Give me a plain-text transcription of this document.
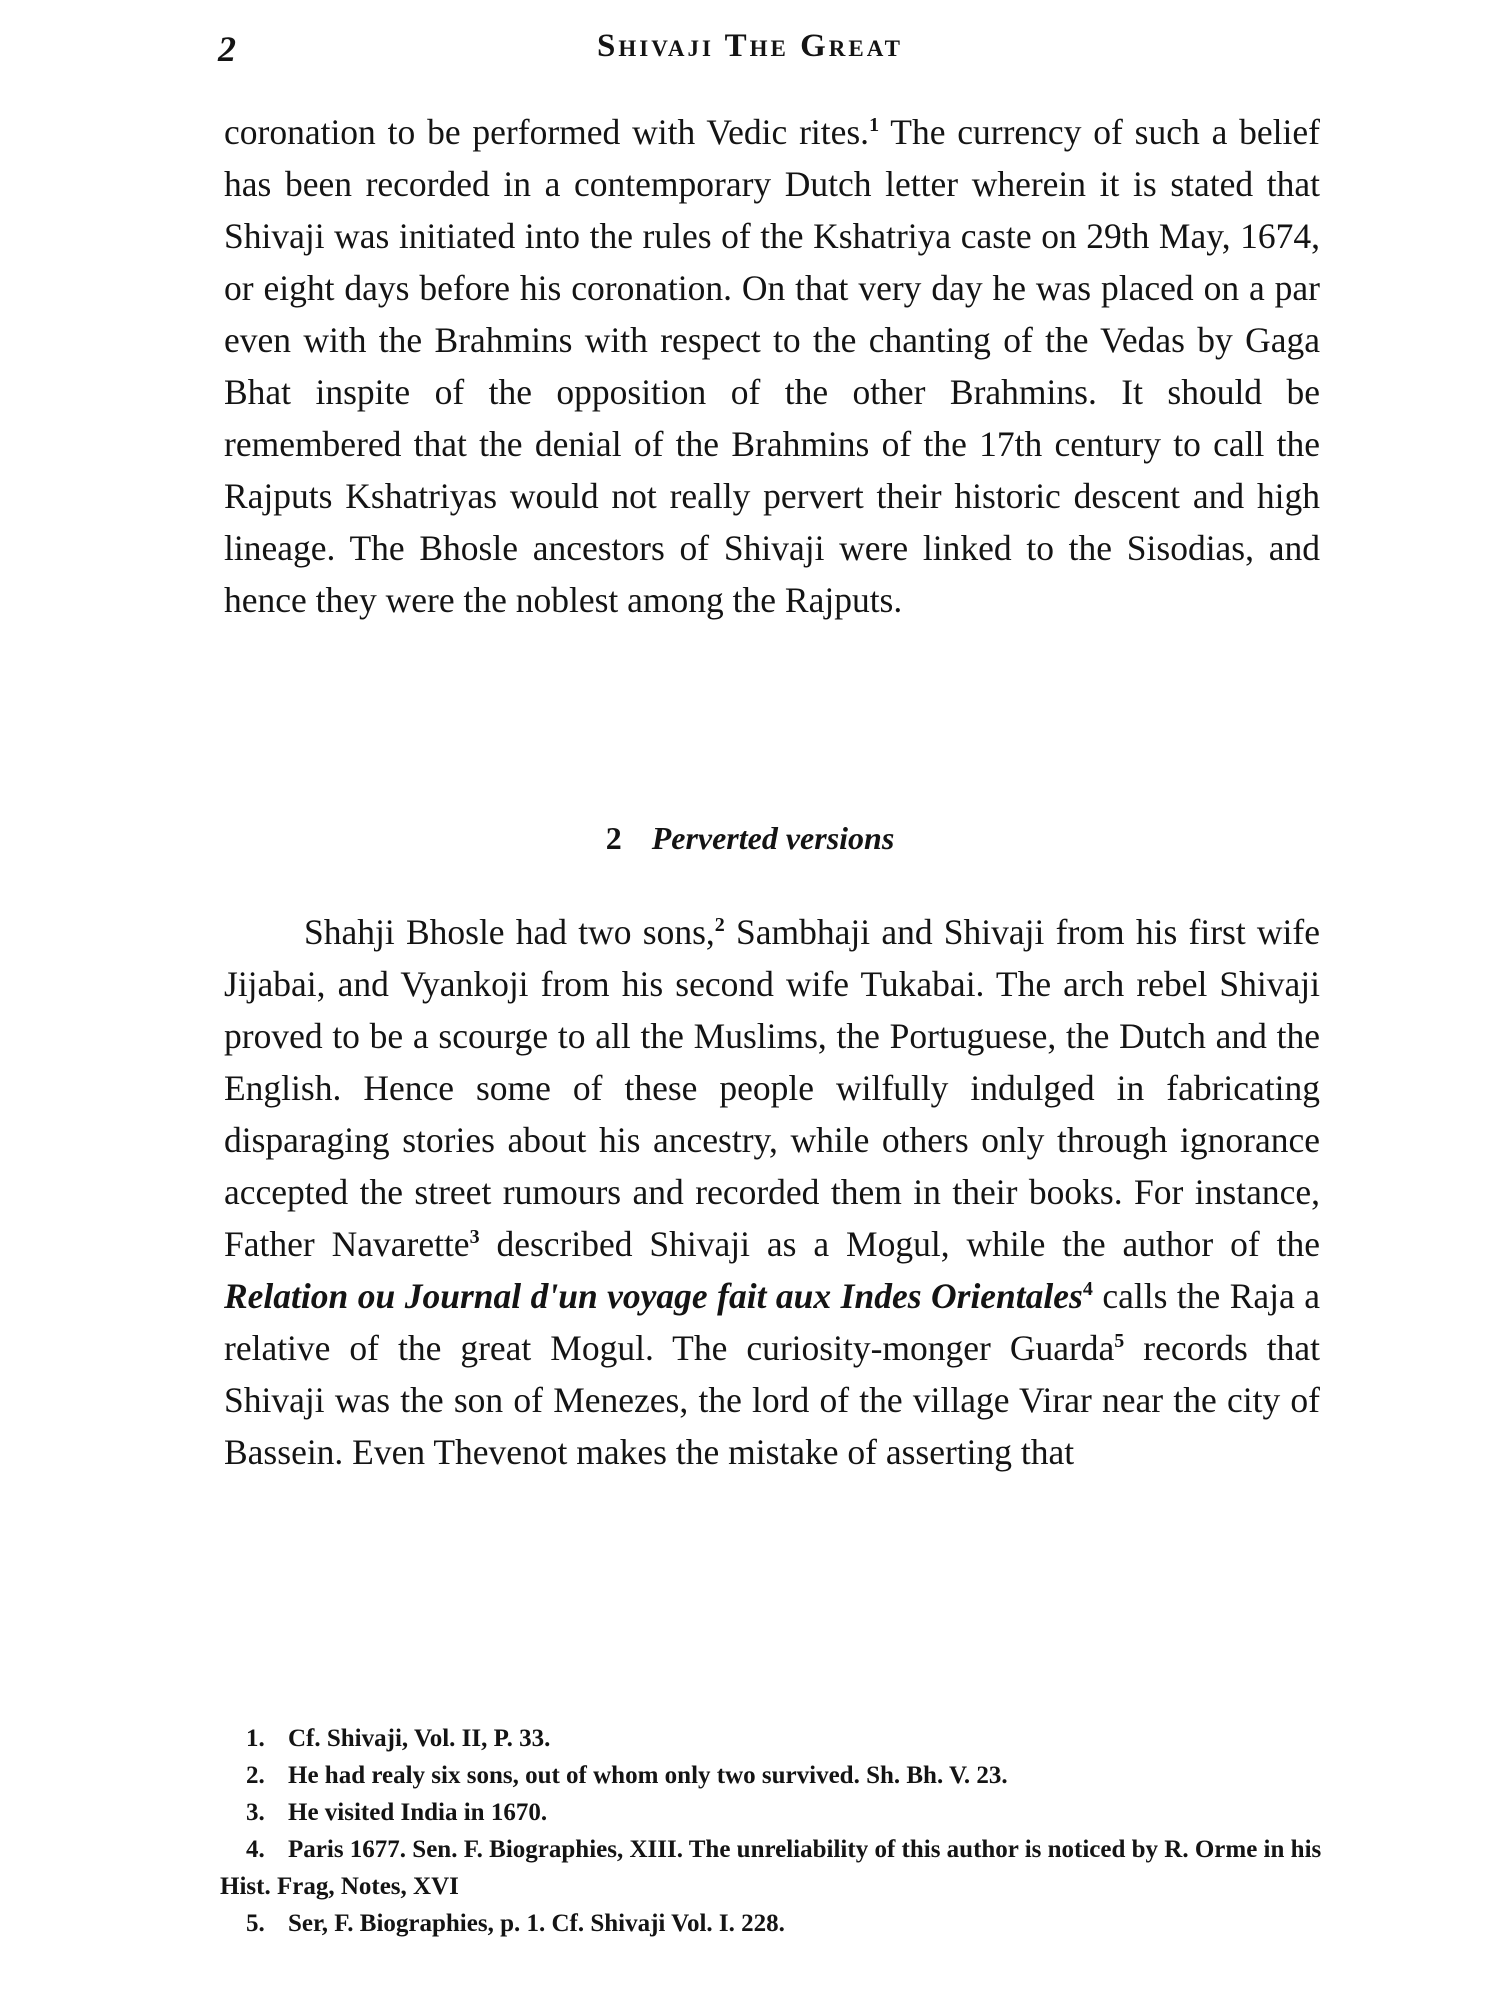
2	Shivaji The Great
coronation to be performed with Vedic rites.$^1$ The currency of such a belief has been recorded in a contemporary Dutch letter wherein it is stated that Shivaji was initiated into the rules of the Kshatriya caste on 29th May, 1674, or eight days before his coronation. On that very day he was placed on a par even with the Brahmins with respect to the chanting of the Vedas by Gaga Bhat inspite of the opposition of the other Brahmins. It should be remembered that the denial of the Brahmins of the 17th century to call the Rajputs Kshatriyas would not really pervert their historic descent and high lineage. The Bhosle ancestors of Shivaji were linked to the Sisodias, and hence they were the noblest among the Rajputs.
2 Perverted versions
Shahji Bhosle had two sons,$^2$ Sambhaji and Shivaji from his first wife Jijabai, and Vyankoji from his second wife Tukabai. The arch rebel Shivaji proved to be a scourge to all the Muslims, the Portuguese, the Dutch and the English. Hence some of these people wilfully indulged in fabricating disparaging stories about his ancestry, while others only through ignorance accepted the street rumours and recorded them in their books. For instance, Father Navarette$^3$ described Shivaji as a Mogul, while the author of the Relation ou Journal d'un voyage fait aux Indes Orientales$^4$ calls the Raja a relative of the great Mogul. The curiosity-monger Guarda$^5$ records that Shivaji was the son of Menezes, the lord of the village Virar near the city of Bassein. Even Thevenot makes the mistake of asserting that
1. Cf. Shivaji, Vol. II, P. 33.
2. He had realy six sons, out of whom only two survived. Sh. Bh. V. 23.
3. He visited India in 1670.
4. Paris 1677. Sen. F. Biographies, XIII. The unreliability of this author is noticed by R. Orme in his Hist. Frag, Notes, XVI
5. Ser, F. Biographies, p. 1. Cf. Shivaji Vol. I. 228.
